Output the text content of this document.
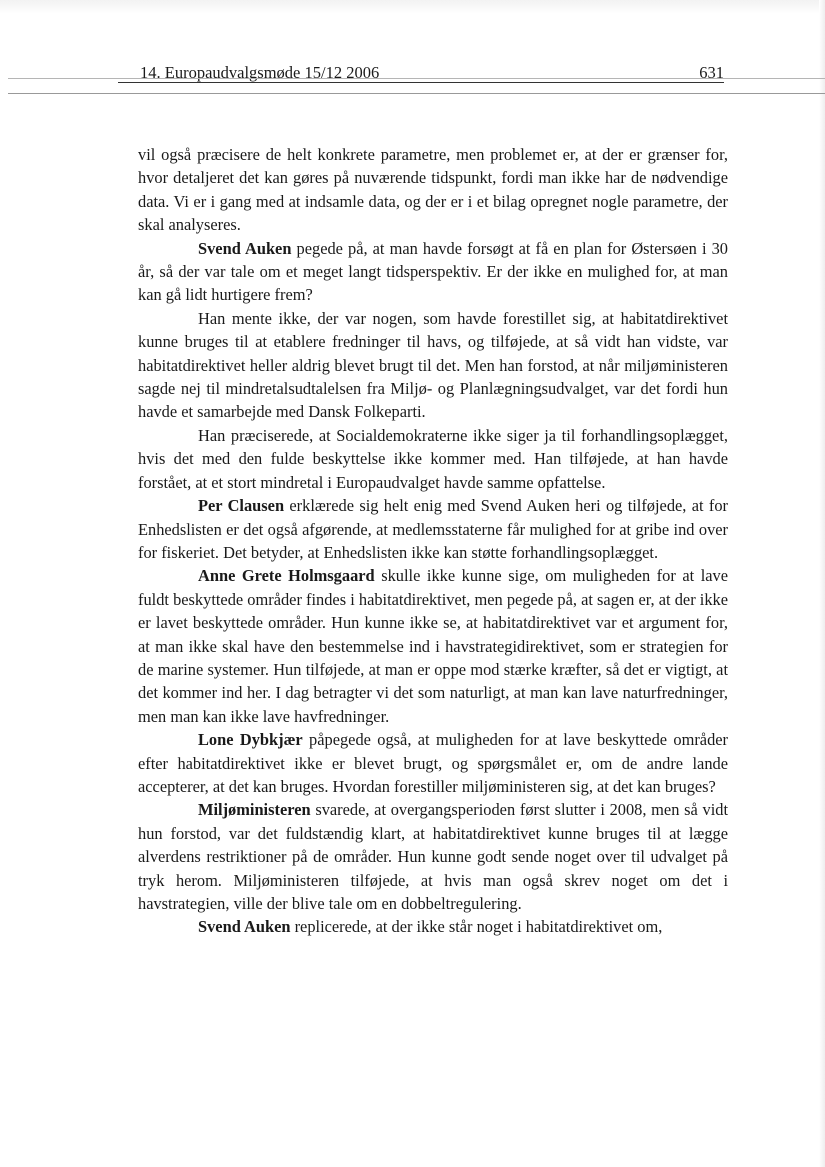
14. Europaudvalgsmøde 15/12 2006	631

vil også præcisere de helt konkrete parametre, men problemet er, at der er grænser for, hvor detaljeret det kan gøres på nuværende tidspunkt, fordi man ikke har de nødvendige data. Vi er i gang med at indsamle data, og der er i et bilag opregnet nogle parametre, der skal analyseres.

Svend Auken pegede på, at man havde forsøgt at få en plan for Østersøen i 30 år, så der var tale om et meget langt tidsperspektiv. Er der ikke en mulighed for, at man kan gå lidt hurtigere frem?

Han mente ikke, der var nogen, som havde forestillet sig, at habitatdirektivet kunne bruges til at etablere fredninger til havs, og tilføjede, at så vidt han vidste, var habitatdirektivet heller aldrig blevet brugt til det. Men han forstod, at når miljøministeren sagde nej til mindretalsudtalelsen fra Miljø- og Planlægningsudvalget, var det fordi hun havde et samarbejde med Dansk Folkeparti.

Han præciserede, at Socialdemokraterne ikke siger ja til forhandlingsoplægget, hvis det med den fulde beskyttelse ikke kommer med. Han tilføjede, at han havde forstået, at et stort mindretal i Europaudvalget havde samme opfattelse.

Per Clausen erklærede sig helt enig med Svend Auken heri og tilføjede, at for Enhedslisten er det også afgørende, at medlemsstaterne får mulighed for at gribe ind over for fiskeriet. Det betyder, at Enhedslisten ikke kan støtte forhandlingsoplægget.

Anne Grete Holmsgaard skulle ikke kunne sige, om muligheden for at lave fuldt beskyttede områder findes i habitatdirektivet, men pegede på, at sagen er, at der ikke er lavet beskyttede områder. Hun kunne ikke se, at habitatdirektivet var et argument for, at man ikke skal have den bestemmelse ind i havstrategidirektivet, som er strategien for de marine systemer. Hun tilføjede, at man er oppe mod stærke kræfter, så det er vigtigt, at det kommer ind her. I dag betragter vi det som naturligt, at man kan lave naturfredninger, men man kan ikke lave havfredninger.

Lone Dybkjær påpegede også, at muligheden for at lave beskyttede områder efter habitatdirektivet ikke er blevet brugt, og spørgsmålet er, om de andre lande accepterer, at det kan bruges. Hvordan forestiller miljøministeren sig, at det kan bruges?

Miljøministeren svarede, at overgangsperioden først slutter i 2008, men så vidt hun forstod, var det fuldstændig klart, at habitatdirektivet kunne bruges til at lægge alverdens restriktioner på de områder. Hun kunne godt sende noget over til udvalget på tryk herom. Miljøministeren tilføjede, at hvis man også skrev noget om det i havstrategien, ville der blive tale om en dobbeltregulering.

Svend Auken replicerede, at der ikke står noget i habitatdirektivet om,
